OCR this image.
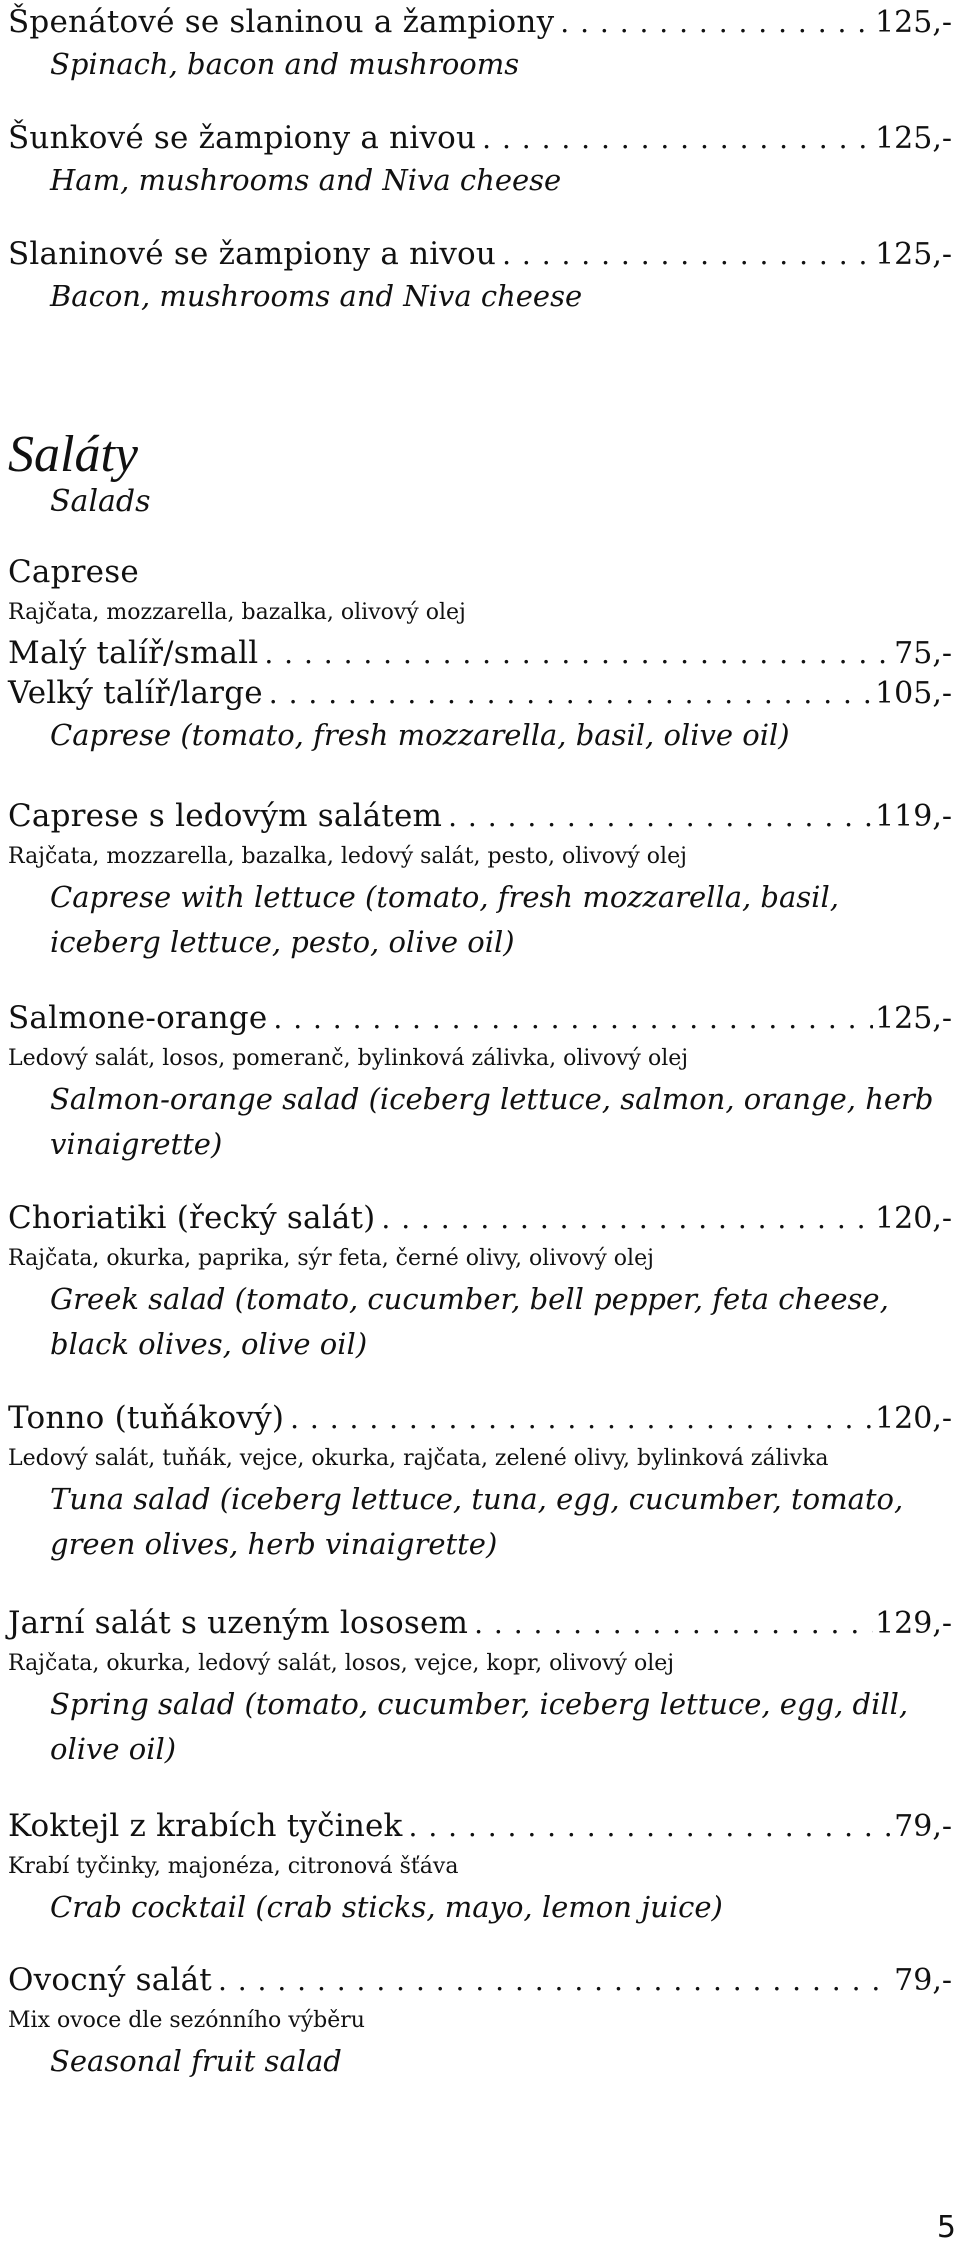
Špenátové se slaninou a žampiony . . .	125,-
Spinach, bacon and mushrooms
Šunkové se žampiony a nivou . . .	125,-
Ham, mushrooms and Niva cheese
Slaninové se žampiony a nivou . . .	125,-
Bacon, mushrooms and Niva cheese
Saláty
Salads
Caprese
Rajčata, mozzarella, bazalka, olivový olej
Malý talíř/small . . .	75,-
Velký talíř/large . . .	105,-
Caprese (tomato, fresh mozzarella, basil, olive oil)
Caprese s ledovým salátem . . .	119,-
Rajčata, mozzarella, bazalka, ledový salát, pesto, olivový olej
Caprese with lettuce (tomato, fresh mozzarella, basil, iceberg lettuce, pesto, olive oil)
Salmone-orange . . .	125,-
Ledový salát, losos, pomeranč, bylinková zálivka, olivový olej
Salmon-orange salad (iceberg lettuce, salmon, orange, herb vinaigrette)
Choriatiki (řecký salát) . . .	120,-
Rajčata, okurka, paprika, sýr feta, černé olivy, olivový olej
Greek salad (tomato, cucumber, bell pepper, feta cheese, black olives, olive oil)
Tonno (tuňákový) . . .	120,-
Ledový salát, tuňák, vejce, okurka, rajčata, zelené olivy, bylinková zálivka
Tuna salad (iceberg lettuce, tuna, egg, cucumber, tomato, green olives, herb vinaigrette)
Jarní salát s uzeným lososem . . .	129,-
Rajčata, okurka, ledový salát, losos, vejce, kopr, olivový olej
Spring salad (tomato, cucumber, iceberg lettuce, egg, dill, olive oil)
Koktejl z krabích tyčinek . . .	79,-
Krabí tyčinky, majonéza, citronová šťáva
Crab cocktail (crab sticks, mayo, lemon juice)
Ovocný salát . . .	79,-
Mix ovoce dle sezónního výběru
Seasonal fruit salad
5
